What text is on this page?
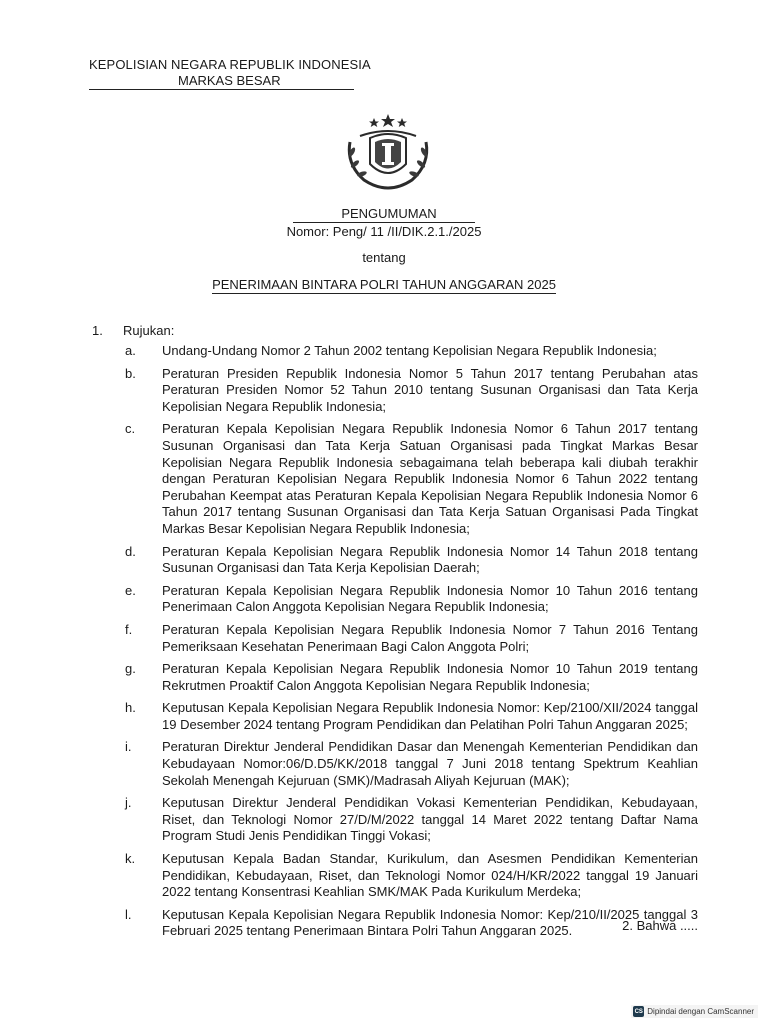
KEPOLISIAN NEGARA REPUBLIK INDONESIA
MARKAS BESAR
PENGUMUMAN
Nomor: Peng/ 11 /II/DIK.2.1./2025
tentang
PENERIMAAN BINTARA POLRI TAHUN ANGGARAN 2025
1. Rujukan:
a. Undang-Undang Nomor 2 Tahun 2002 tentang Kepolisian Negara Republik Indonesia;
b. Peraturan Presiden Republik Indonesia Nomor 5 Tahun 2017 tentang Perubahan atas Peraturan Presiden Nomor 52 Tahun 2010 tentang Susunan Organisasi dan Tata Kerja Kepolisian Negara Republik Indonesia;
c. Peraturan Kepala Kepolisian Negara Republik Indonesia Nomor 6 Tahun 2017 tentang Susunan Organisasi dan Tata Kerja Satuan Organisasi pada Tingkat Markas Besar Kepolisian Negara Republik Indonesia sebagaimana telah beberapa kali diubah terakhir dengan Peraturan Kepolisian Negara Republik Indonesia Nomor 6 Tahun 2022 tentang Perubahan Keempat atas Peraturan Kepala Kepolisian Negara Republik Indonesia Nomor 6 Tahun 2017 tentang Susunan Organisasi dan Tata Kerja Satuan Organisasi Pada Tingkat Markas Besar Kepolisian Negara Republik Indonesia;
d. Peraturan Kepala Kepolisian Negara Republik Indonesia Nomor 14 Tahun 2018 tentang Susunan Organisasi dan Tata Kerja Kepolisian Daerah;
e. Peraturan Kepala Kepolisian Negara Republik Indonesia Nomor 10 Tahun 2016 tentang Penerimaan Calon Anggota Kepolisian Negara Republik Indonesia;
f. Peraturan Kepala Kepolisian Negara Republik Indonesia Nomor 7 Tahun 2016 Tentang Pemeriksaan Kesehatan Penerimaan Bagi Calon Anggota Polri;
g. Peraturan Kepala Kepolisian Negara Republik Indonesia Nomor 10 Tahun 2019 tentang Rekrutmen Proaktif Calon Anggota Kepolisian Negara Republik Indonesia;
h. Keputusan Kepala Kepolisian Negara Republik Indonesia Nomor: Kep/2100/XII/2024 tanggal 19 Desember 2024 tentang Program Pendidikan dan Pelatihan Polri Tahun Anggaran 2025;
i. Peraturan Direktur Jenderal Pendidikan Dasar dan Menengah Kementerian Pendidikan dan Kebudayaan Nomor:06/D.D5/KK/2018 tanggal 7 Juni 2018 tentang Spektrum Keahlian Sekolah Menengah Kejuruan (SMK)/Madrasah Aliyah Kejuruan (MAK);
j. Keputusan Direktur Jenderal Pendidikan Vokasi Kementerian Pendidikan, Kebudayaan, Riset, dan Teknologi Nomor 27/D/M/2022 tanggal 14 Maret 2022 tentang Daftar Nama Program Studi Jenis Pendidikan Tinggi Vokasi;
k. Keputusan Kepala Badan Standar, Kurikulum, dan Asesmen Pendidikan Kementerian Pendidikan, Kebudayaan, Riset, dan Teknologi Nomor 024/H/KR/2022 tanggal 19 Januari 2022 tentang Konsentrasi Keahlian SMK/MAK Pada Kurikulum Merdeka;
l. Keputusan Kepala Kepolisian Negara Republik Indonesia Nomor: Kep/210/II/2025 tanggal 3 Februari 2025 tentang Penerimaan Bintara Polri Tahun Anggaran 2025.	2. Bahwa .....
CS Dipindai dengan CamScanner
